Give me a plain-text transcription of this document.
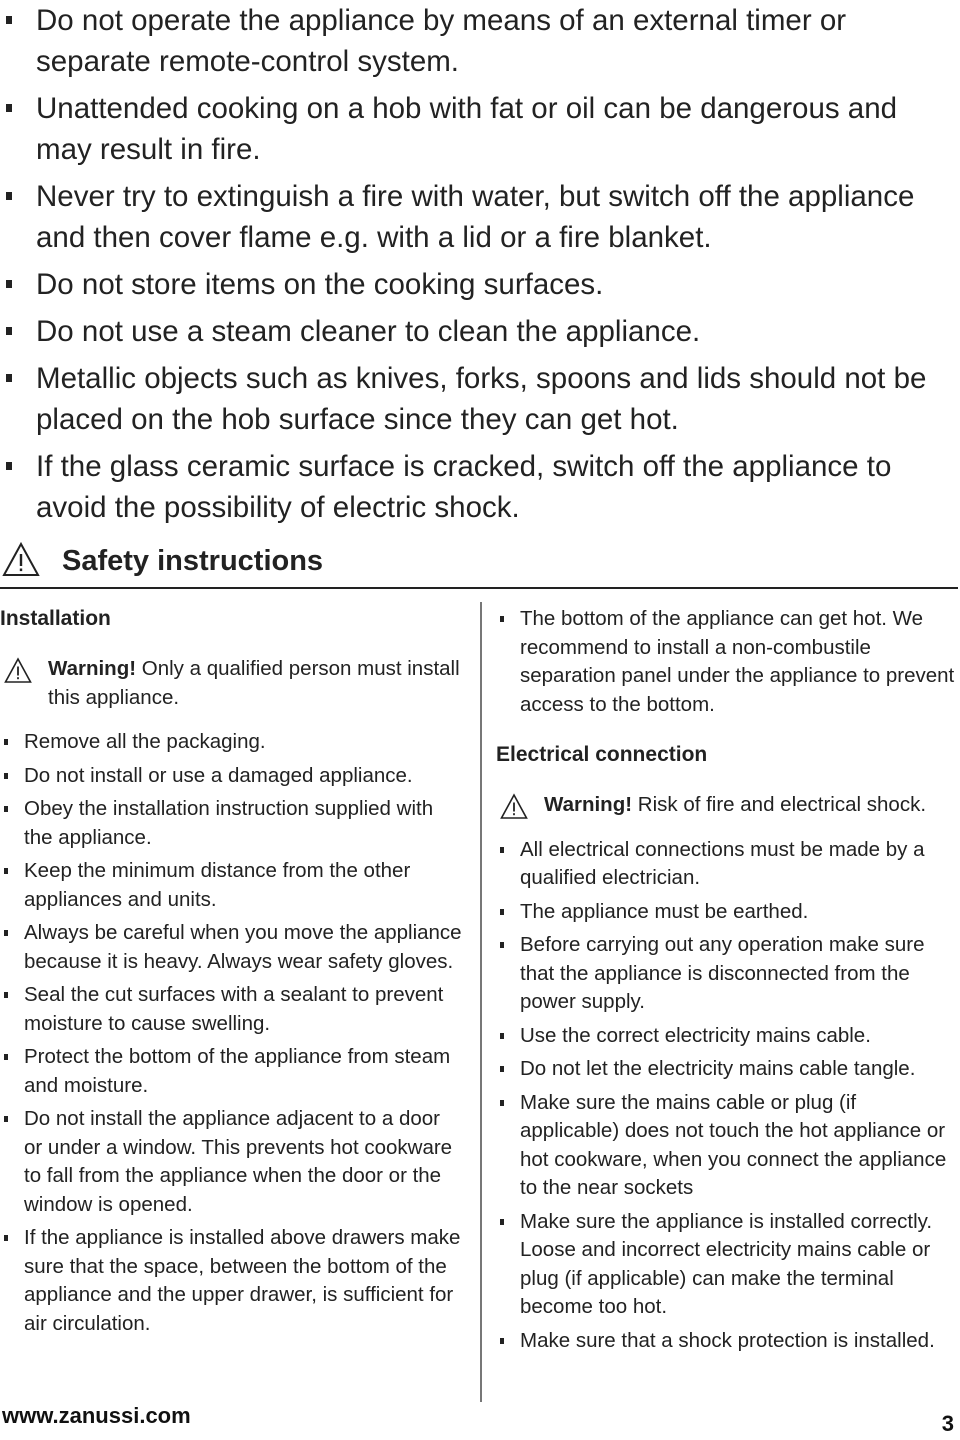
Do not operate the appliance by means of an external timer or separate remote-control system.
Unattended cooking on a hob with fat or oil can be dangerous and may result in fire.
Never try to extinguish a fire with water, but switch off the appliance and then cover flame e.g. with a lid or a fire blanket.
Do not store items on the cooking surfaces.
Do not use a steam cleaner to clean the appliance.
Metallic objects such as knives, forks, spoons and lids should not be placed on the hob surface since they can get hot.
If the glass ceramic surface is cracked, switch off the appliance to avoid the possibility of electric shock.
Safety instructions
Installation
Warning! Only a qualified person must install this appliance.
Remove all the packaging.
Do not install or use a damaged appliance.
Obey the installation instruction supplied with the appliance.
Keep the minimum distance from the other appliances and units.
Always be careful when you move the appliance because it is heavy. Always wear safety gloves.
Seal the cut surfaces with a sealant to prevent moisture to cause swelling.
Protect the bottom of the appliance from steam and moisture.
Do not install the appliance adjacent to a door or under a window. This prevents hot cookware to fall from the appliance when the door or the window is opened.
If the appliance is installed above drawers make sure that the space, between the bottom of the appliance and the upper drawer, is sufficient for air circulation.
The bottom of the appliance can get hot. We recommend to install a non-combustile separation panel under the appliance to prevent access to the bottom.
Electrical connection
Warning! Risk of fire and electrical shock.
All electrical connections must be made by a qualified electrician.
The appliance must be earthed.
Before carrying out any operation make sure that the appliance is disconnected from the power supply.
Use the correct electricity mains cable.
Do not let the electricity mains cable tangle.
Make sure the mains cable or plug (if applicable) does not touch the hot appliance or hot cookware, when you connect the appliance to the near sockets
Make sure the appliance is installed correctly. Loose and incorrect electricity mains cable or plug (if applicable) can make the terminal become too hot.
Make sure that a shock protection is installed.
www.zanussi.com	3
